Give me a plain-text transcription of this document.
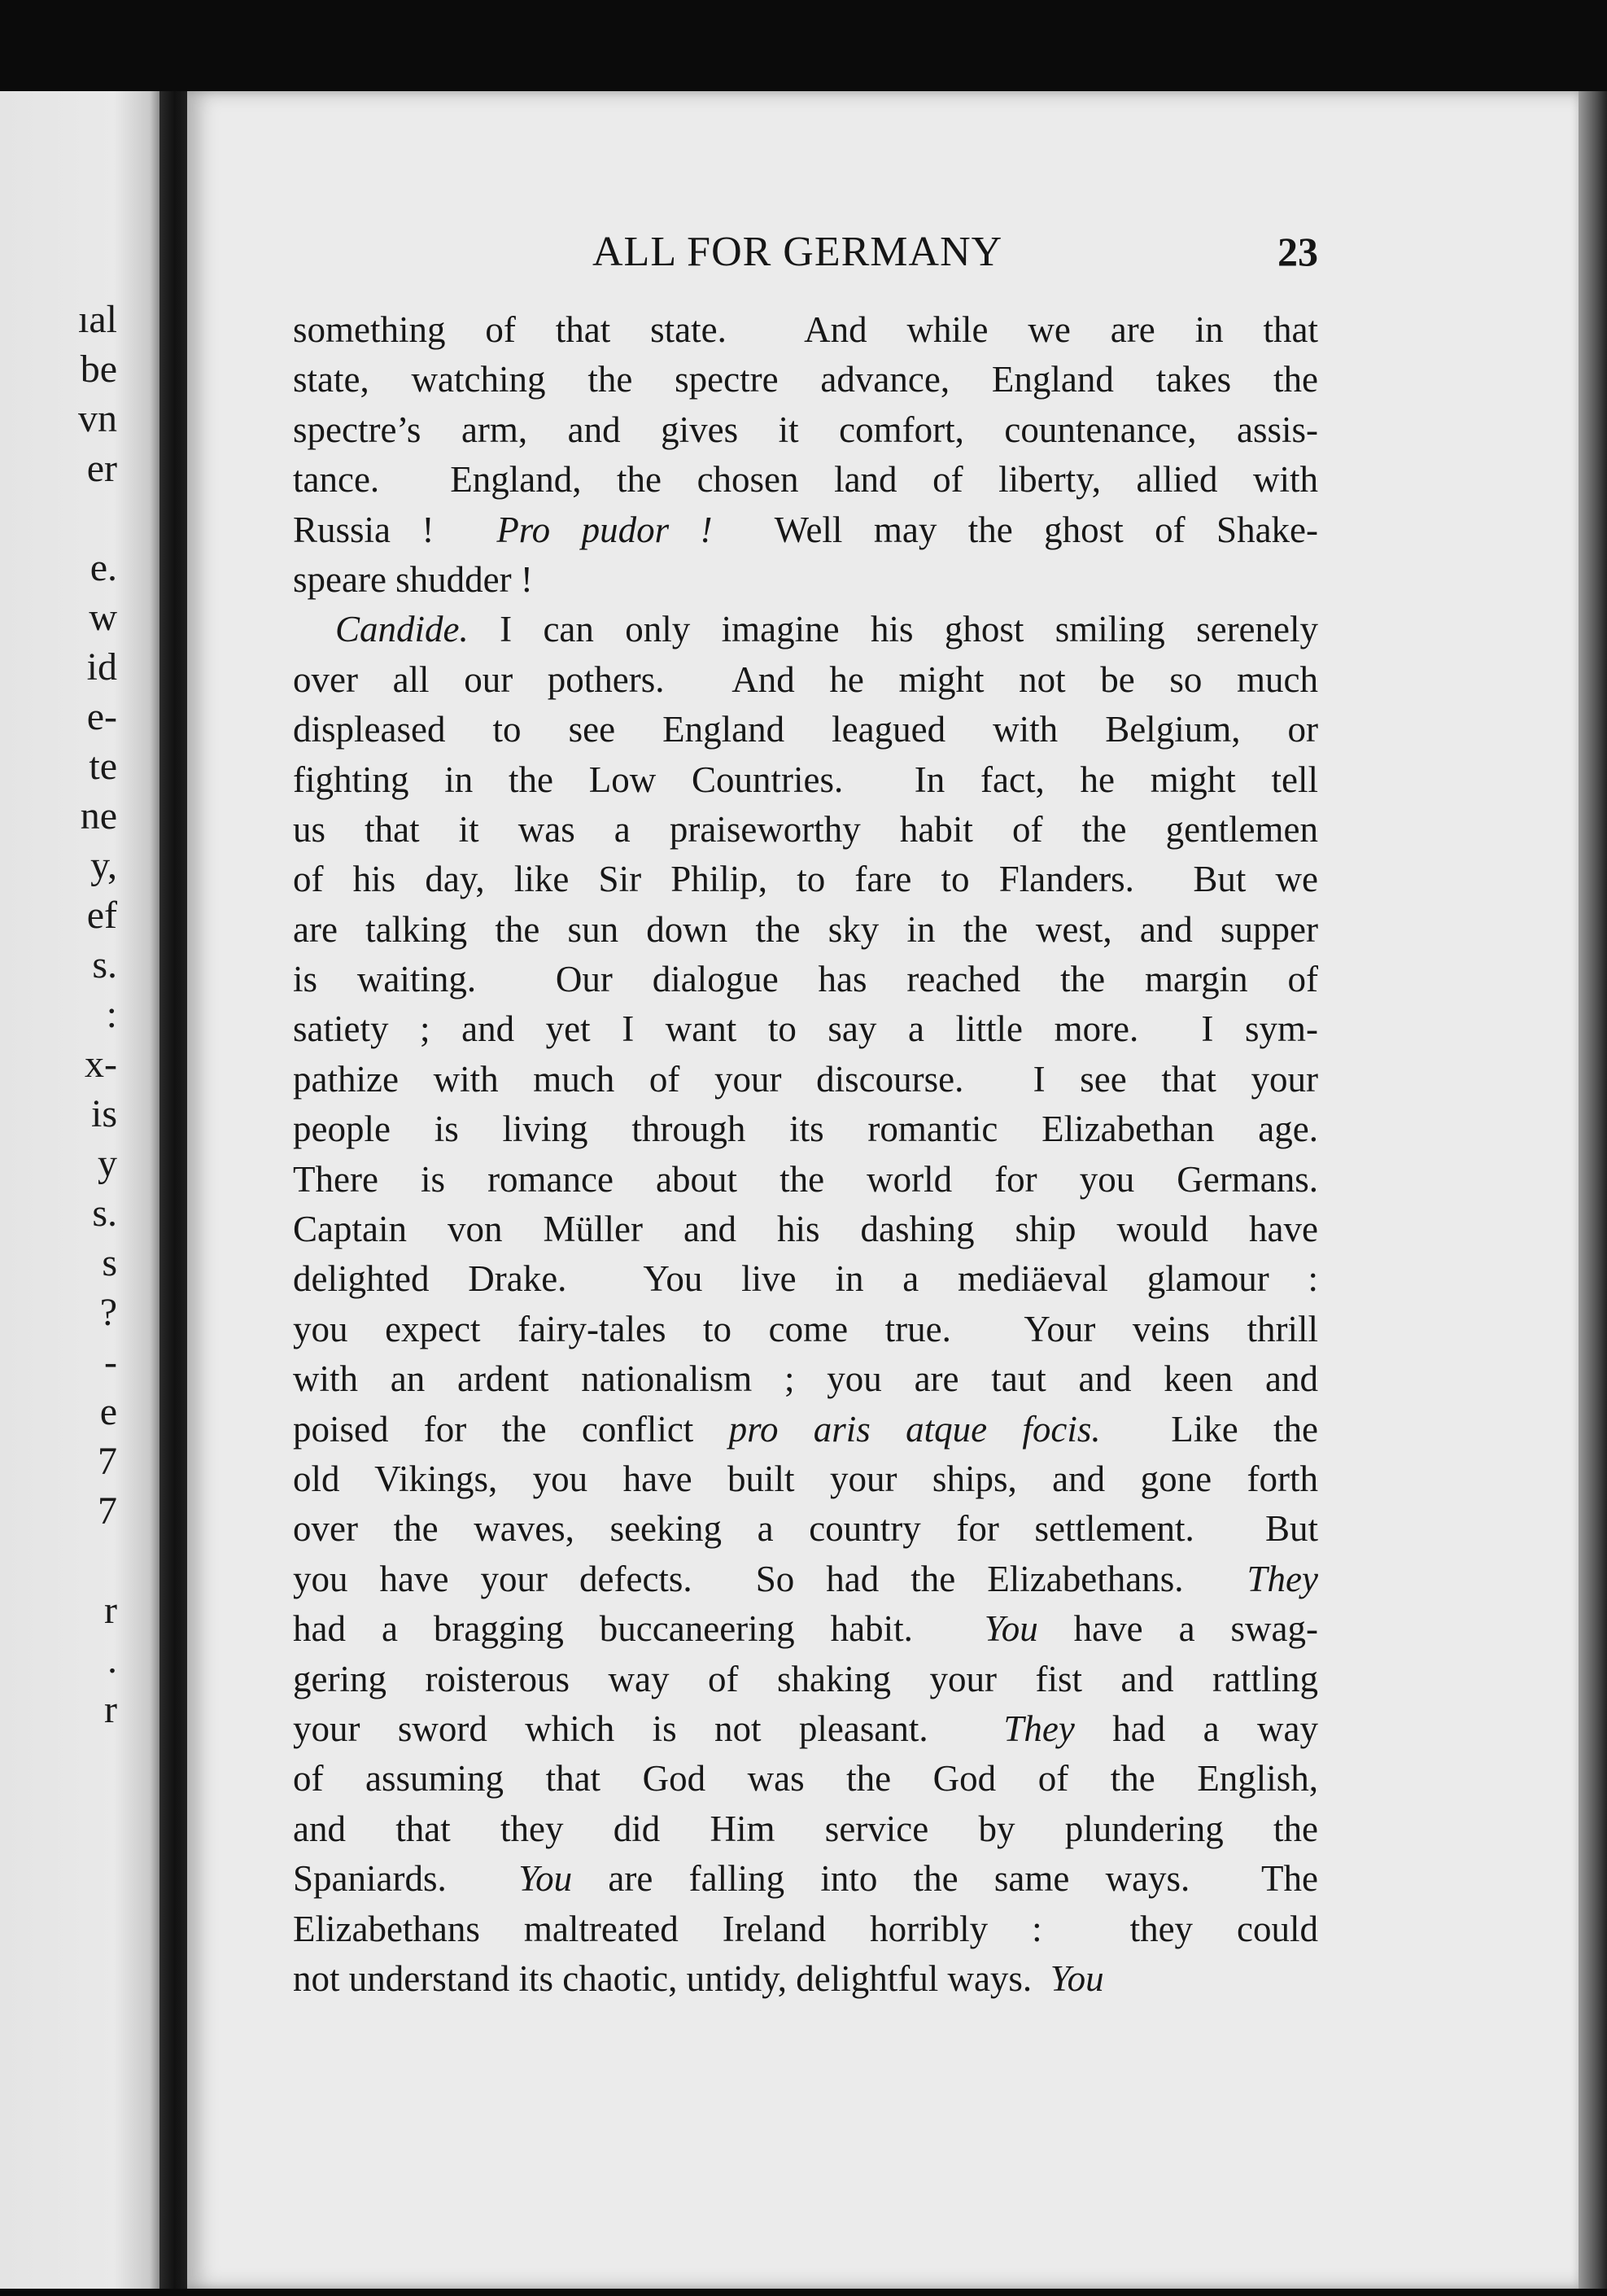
ıal
be
vn
er

e.
w
id
e-
te
ne
y,
ef
s.
:
x-
is
y
s.
s
?
-
e
7
7

r
.
r
ALL FOR GERMANY	23
something of that state.  And while we are in that
state, watching the spectre advance, England takes the
spectre’s arm, and gives it comfort, countenance, assis-
tance.  England, the chosen land of liberty, allied with
Russia !  Pro pudor !  Well may the ghost of Shake-
speare shudder !
Candide. I can only imagine his ghost smiling serenely
over all our pothers.  And he might not be so much
displeased to see England leagued with Belgium, or
fighting in the Low Countries.  In fact, he might tell
us that it was a praiseworthy habit of the gentlemen
of his day, like Sir Philip, to fare to Flanders.  But we
are talking the sun down the sky in the west, and supper
is waiting.  Our dialogue has reached the margin of
satiety ; and yet I want to say a little more.  I sym-
pathize with much of your discourse.  I see that your
people is living through its romantic Elizabethan age.
There is romance about the world for you Germans.
Captain von Müller and his dashing ship would have
delighted Drake.  You live in a mediäeval glamour :
you expect fairy-tales to come true.  Your veins thrill
with an ardent nationalism ; you are taut and keen and
poised for the conflict pro aris atque focis.  Like the
old Vikings, you have built your ships, and gone forth
over the waves, seeking a country for settlement.  But
you have your defects.  So had the Elizabethans.  They
had a bragging buccaneering habit.  You have a swag-
gering roisterous way of shaking your fist and rattling
your sword which is not pleasant.  They had a way
of assuming that God was the God of the English,
and that they did Him service by plundering the
Spaniards.  You are falling into the same ways.  The
Elizabethans maltreated Ireland horribly :  they could
not understand its chaotic, untidy, delightful ways.  You
